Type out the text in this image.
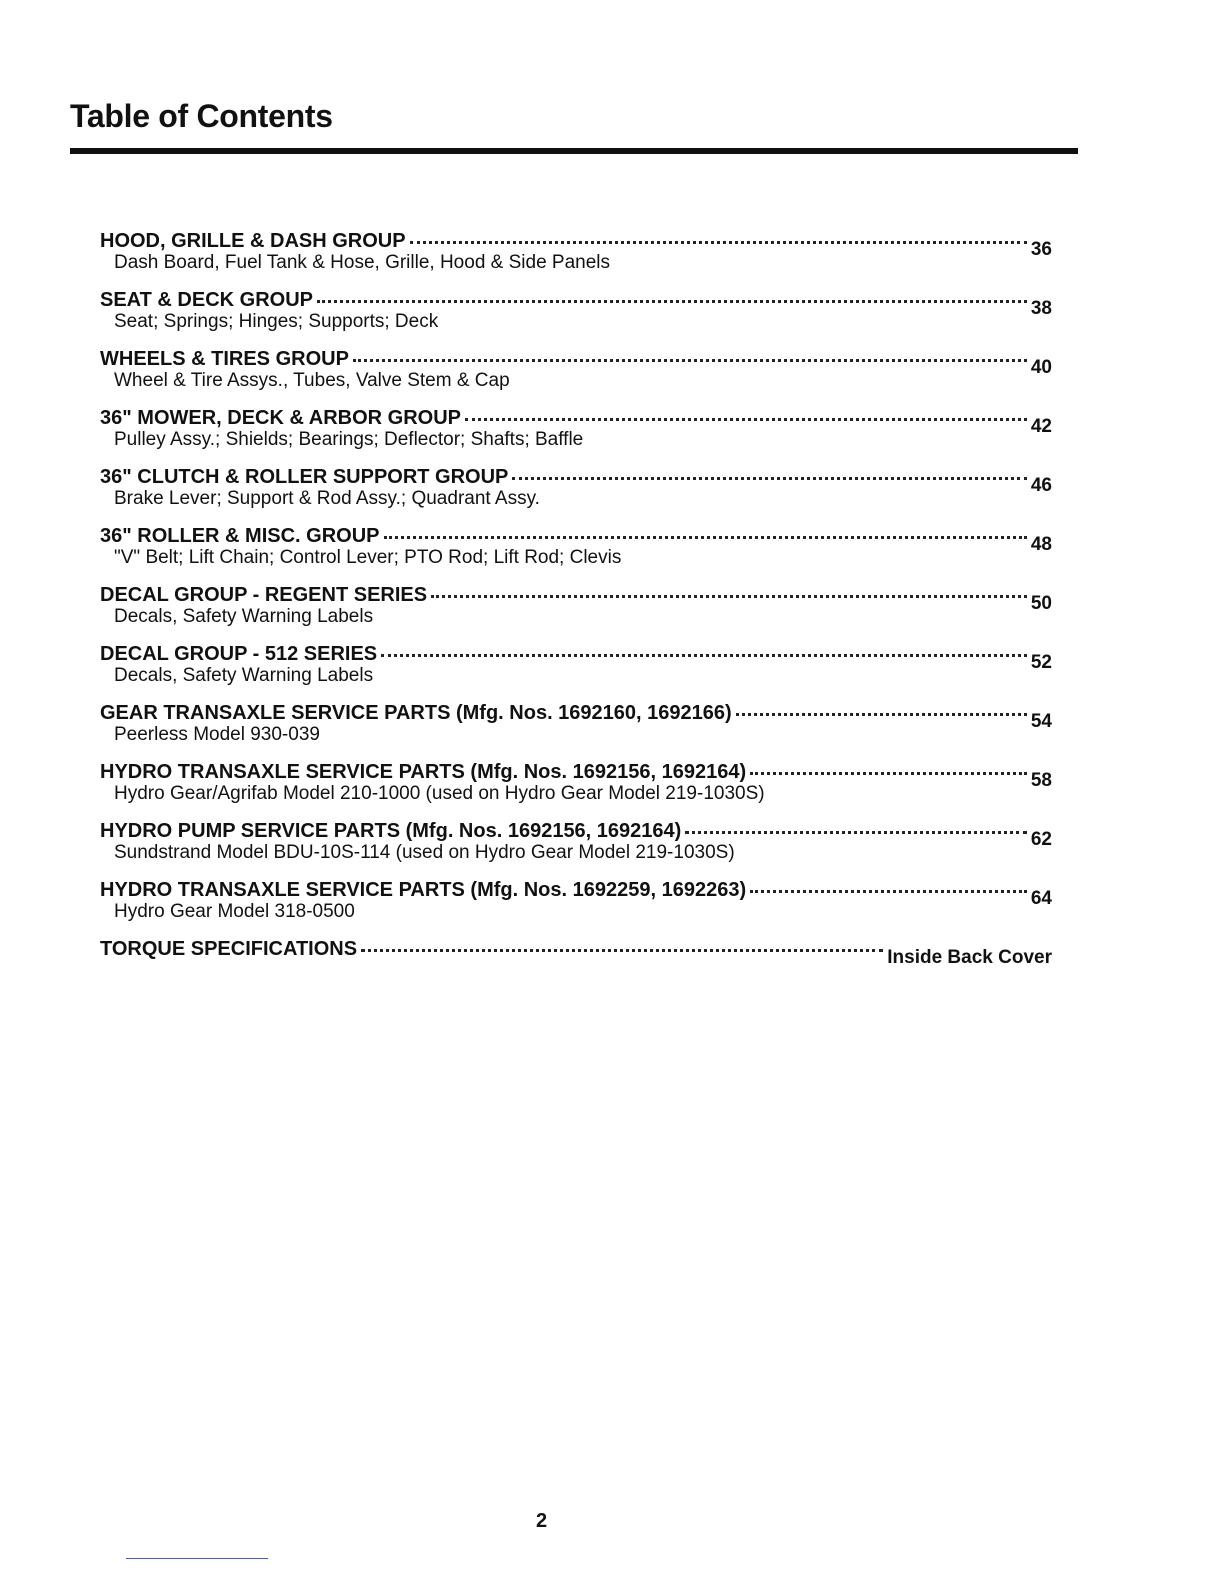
Table of Contents
HOOD, GRILLE & DASH GROUP	36
Dash Board, Fuel Tank & Hose, Grille, Hood & Side Panels
SEAT & DECK GROUP	38
Seat; Springs; Hinges; Supports; Deck
WHEELS & TIRES GROUP	40
Wheel & Tire Assys., Tubes, Valve Stem & Cap
36" MOWER, DECK & ARBOR GROUP	42
Pulley Assy.; Shields; Bearings; Deflector; Shafts; Baffle
36" CLUTCH & ROLLER SUPPORT GROUP	46
Brake Lever; Support & Rod Assy.; Quadrant Assy.
36" ROLLER & MISC. GROUP	48
"V" Belt; Lift Chain; Control Lever; PTO Rod; Lift Rod; Clevis
DECAL GROUP - REGENT SERIES	50
Decals, Safety Warning Labels
DECAL GROUP - 512 SERIES	52
Decals, Safety Warning Labels
GEAR TRANSAXLE SERVICE PARTS (Mfg. Nos. 1692160, 1692166)	54
Peerless Model 930-039
HYDRO TRANSAXLE SERVICE PARTS (Mfg. Nos. 1692156, 1692164)	58
Hydro Gear/Agrifab Model 210-1000 (used on Hydro Gear Model 219-1030S)
HYDRO PUMP SERVICE PARTS (Mfg. Nos. 1692156, 1692164)	62
Sundstrand Model BDU-10S-114 (used on Hydro Gear Model 219-1030S)
HYDRO TRANSAXLE SERVICE PARTS (Mfg. Nos. 1692259, 1692263)	64
Hydro Gear Model 318-0500
TORQUE SPECIFICATIONS	Inside Back Cover
2
